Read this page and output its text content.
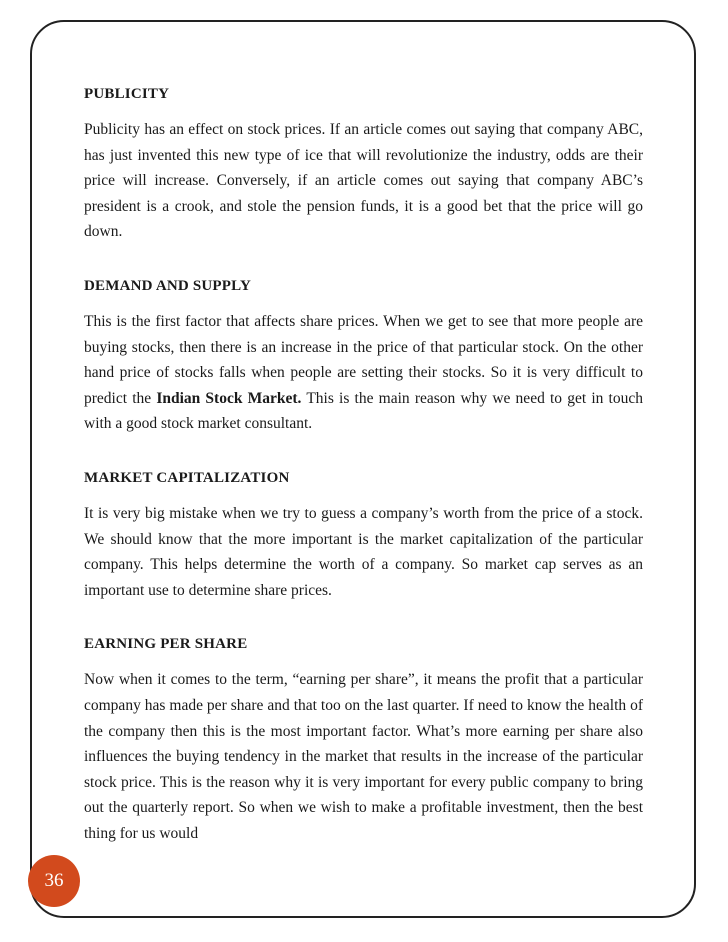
PUBLICITY

Publicity has an effect on stock prices. If an article comes out saying that company ABC, has just invented this new type of ice that will revolutionize the industry, odds are their price will increase. Conversely, if an article comes out saying that company ABC’s president is a crook, and stole the pension funds, it is a good bet that the price will go down.

DEMAND AND SUPPLY

This is the first factor that affects share prices. When we get to see that more people are buying stocks, then there is an increase in the price of that particular stock. On the other hand price of stocks falls when people are setting their stocks. So it is very difficult to predict the Indian Stock Market. This is the main reason why we need to get in touch with a good stock market consultant.

MARKET CAPITALIZATION

It is very big mistake when we try to guess a company’s worth from the price of a stock. We should know that the more important is the market capitalization of the particular company. This helps determine the worth of a company. So market cap serves as an important use to determine share prices.

EARNING PER SHARE

Now when it comes to the term, “earning per share”, it means the profit that a particular company has made per share and that too on the last quarter. If need to know the health of the company then this is the most important factor. What’s more earning per share also influences the buying tendency in the market that results in the increase of the particular stock price. This is the reason why it is very important for every public company to bring out the quarterly report. So when we wish to make a profitable investment, then the best thing for us would

36
